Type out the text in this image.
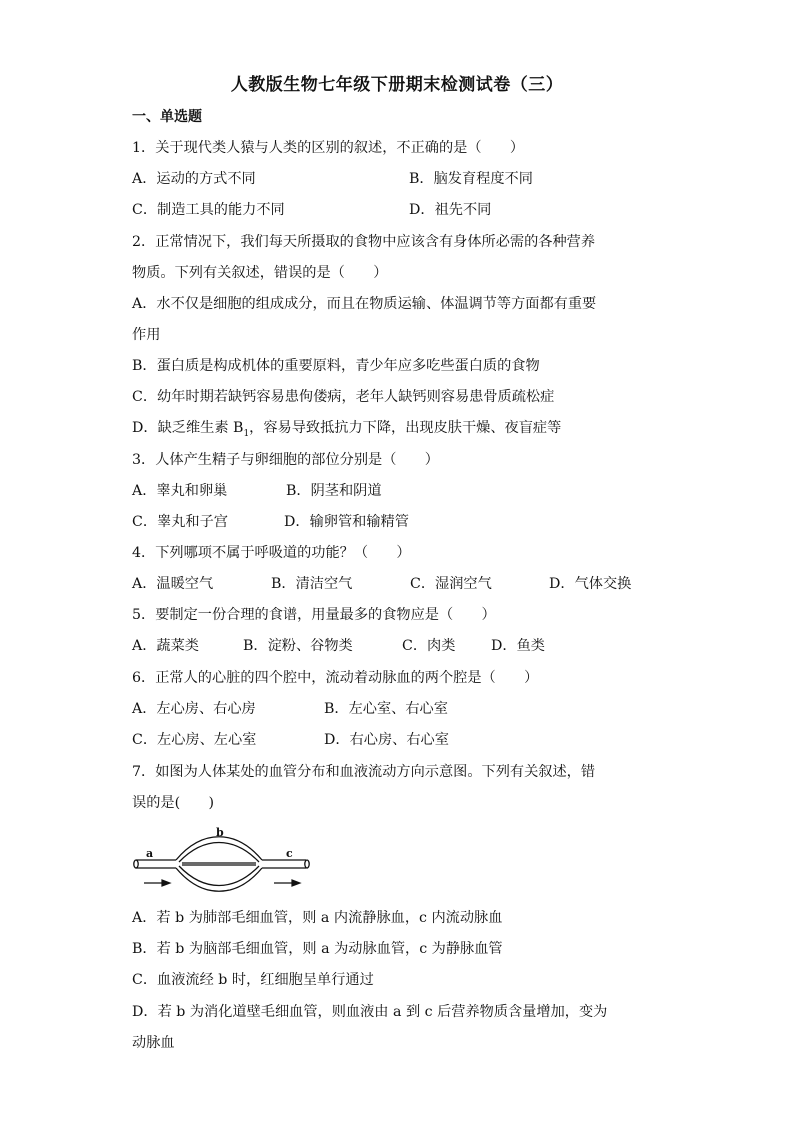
人教版生物七年级下册期末检测试卷（三）
一、单选题
1．关于现代类人猿与人类的区别的叙述，不正确的是（　　）
A．运动的方式不同	B．脑发育程度不同
C．制造工具的能力不同	D．祖先不同
2．正常情况下，我们每天所摄取的食物中应该含有身体所必需的各种营养
物质。下列有关叙述，错误的是（　　）
A．水不仅是细胞的组成成分，而且在物质运输、体温调节等方面都有重要
作用
B．蛋白质是构成机体的重要原料，青少年应多吃些蛋白质的食物
C．幼年时期若缺钙容易患佝偻病，老年人缺钙则容易患骨质疏松症
D．缺乏维生素 $B_1$，容易导致抵抗力下降，出现皮肤干燥、夜盲症等
3．人体产生精子与卵细胞的部位分别是（　　）
A．睾丸和卵巢	B．阴茎和阴道
C．睾丸和子宫	D．输卵管和输精管
4．下列哪项不属于呼吸道的功能？（　　）
A．温暖空气	B．清洁空气	C．湿润空气	D．气体交换
5．要制定一份合理的食谱，用量最多的食物应是（　　）
A．蔬菜类	B．淀粉、谷物类	C．肉类	D．鱼类
6．正常人的心脏的四个腔中，流动着动脉血的两个腔是（　　）
A．左心房、右心房	B．左心室、右心室
C．左心房、左心室	D．右心房、右心室
7．如图为人体某处的血管分布和血液流动方向示意图。下列有关叙述，错
误的是(　　)
a
b
c
A．若 b 为肺部毛细血管，则 a 内流静脉血，c 内流动脉血
B．若 b 为脑部毛细血管，则 a 为动脉血管，c 为静脉血管
C．血液流经 b 时，红细胞呈单行通过
D．若 b 为消化道壁毛细血管，则血液由 a 到 c 后营养物质含量增加，变为
动脉血
